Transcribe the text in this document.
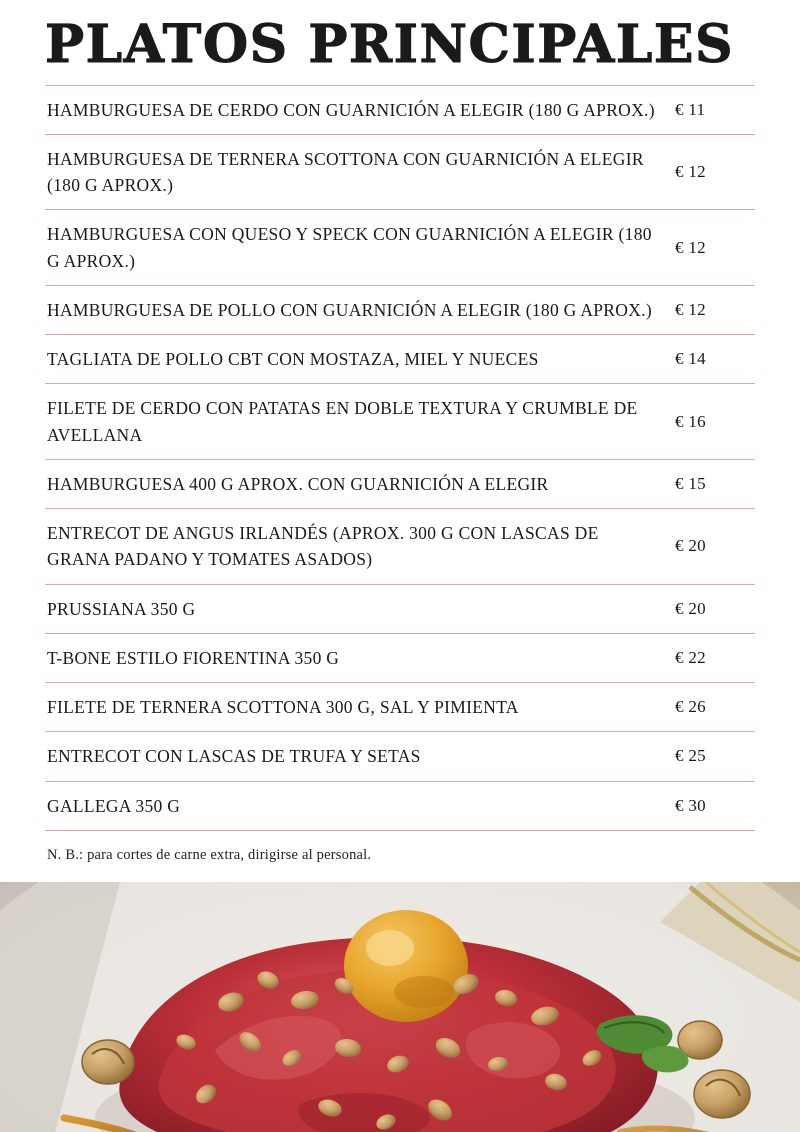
PLATOS PRINCIPALES
HAMBURGUESA DE CERDO CON GUARNICIÓN A ELEGIR (180 G APROX.)	€ 11
HAMBURGUESA DE TERNERA SCOTTONA CON GUARNICIÓN A ELEGIR (180 G APROX.)	€ 12
HAMBURGUESA CON QUESO Y SPECK CON GUARNICIÓN A ELEGIR (180 G APROX.)	€ 12
HAMBURGUESA DE POLLO CON GUARNICIÓN A ELEGIR (180 G APROX.)	€ 12
TAGLIATA DE POLLO CBT CON MOSTAZA, MIEL Y NUECES	€ 14
FILETE DE CERDO CON PATATAS EN DOBLE TEXTURA Y CRUMBLE DE AVELLANA	€ 16
HAMBURGUESA 400 G APROX. CON GUARNICIÓN A ELEGIR	€ 15
ENTRECOT DE ANGUS IRLANDÉS (APROX. 300 G CON LASCAS DE GRANA PADANO Y TOMATES ASADOS)	€ 20
PRUSSIANA 350 G	€ 20
T-BONE ESTILO FIORENTINA 350 G	€ 22
FILETE DE TERNERA SCOTTONA 300 G, SAL Y PIMIENTA	€ 26
ENTRECOT CON LASCAS DE TRUFA Y SETAS	€ 25
GALLEGA 350 G	€ 30
N. B.: para cortes de carne extra, dirigirse al personal.
